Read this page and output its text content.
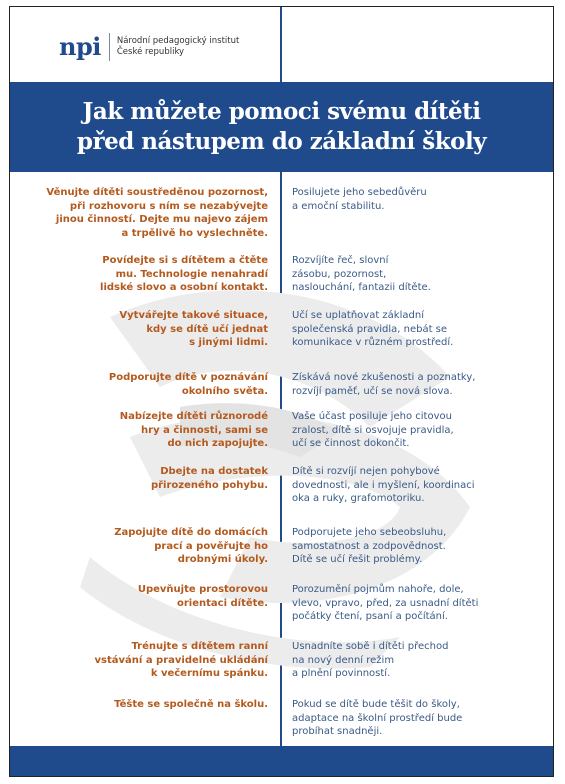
npi Národní pedagogický institut
České republiky
Jak můžete pomoci svému dítěti
před nástupem do základní školy
Věnujte dítěti soustředěnou pozornost,
při rozhovoru s ním se nezabývejte
jinou činností. Dejte mu najevo zájem
a trpělivě ho vyslechněte.
Posilujete jeho sebedůvěru
a emoční stabilitu.
Povídejte si s dítětem a čtěte
mu. Technologie nenahradí
lidské slovo a osobní kontakt.
Rozvíjíte řeč, slovní
zásobu, pozornost,
naslouchání, fantazii dítěte.
Vytvářejte takové situace,
kdy se dítě učí jednat
s jinými lidmi.
Učí se uplatňovat základní
společenská pravidla, nebát se
komunikace v různém prostředí.
Podporujte dítě v poznávání
okolního světa.
Získává nové zkušenosti a poznatky,
rozvíjí paměť, učí se nová slova.
Nabízejte dítěti různorodé
hry a činnosti, sami se
do nich zapojujte.
Vaše účast posiluje jeho citovou
zralost, dítě si osvojuje pravidla,
učí se činnost dokončit.
Dbejte na dostatek
přirozeného pohybu.
Dítě si rozvíjí nejen pohybové
dovednosti, ale i myšlení, koordinaci
oka a ruky, grafomotoriku.
Zapojujte dítě do domácích
prací a pověřujte ho
drobnými úkoly.
Podporujete jeho sebeobsluhu,
samostatnost a zodpovědnost.
Dítě se učí řešit problémy.
Upevňujte prostorovou
orientaci dítěte.
Porozumění pojmům nahoře, dole,
vlevo, vpravo, před, za usnadní dítěti
počátky čtení, psaní a počítání.
Trénujte s dítětem ranní
vstávání a pravidelné ukládání
k večernímu spánku.
Usnadníte sobě i dítěti přechod
na nový denní režim
a plnění povinností.
Těšte se společně na školu. Pokud se dítě bude těšit do školy,
adaptace na školní prostředí bude
probíhat snadněji.
